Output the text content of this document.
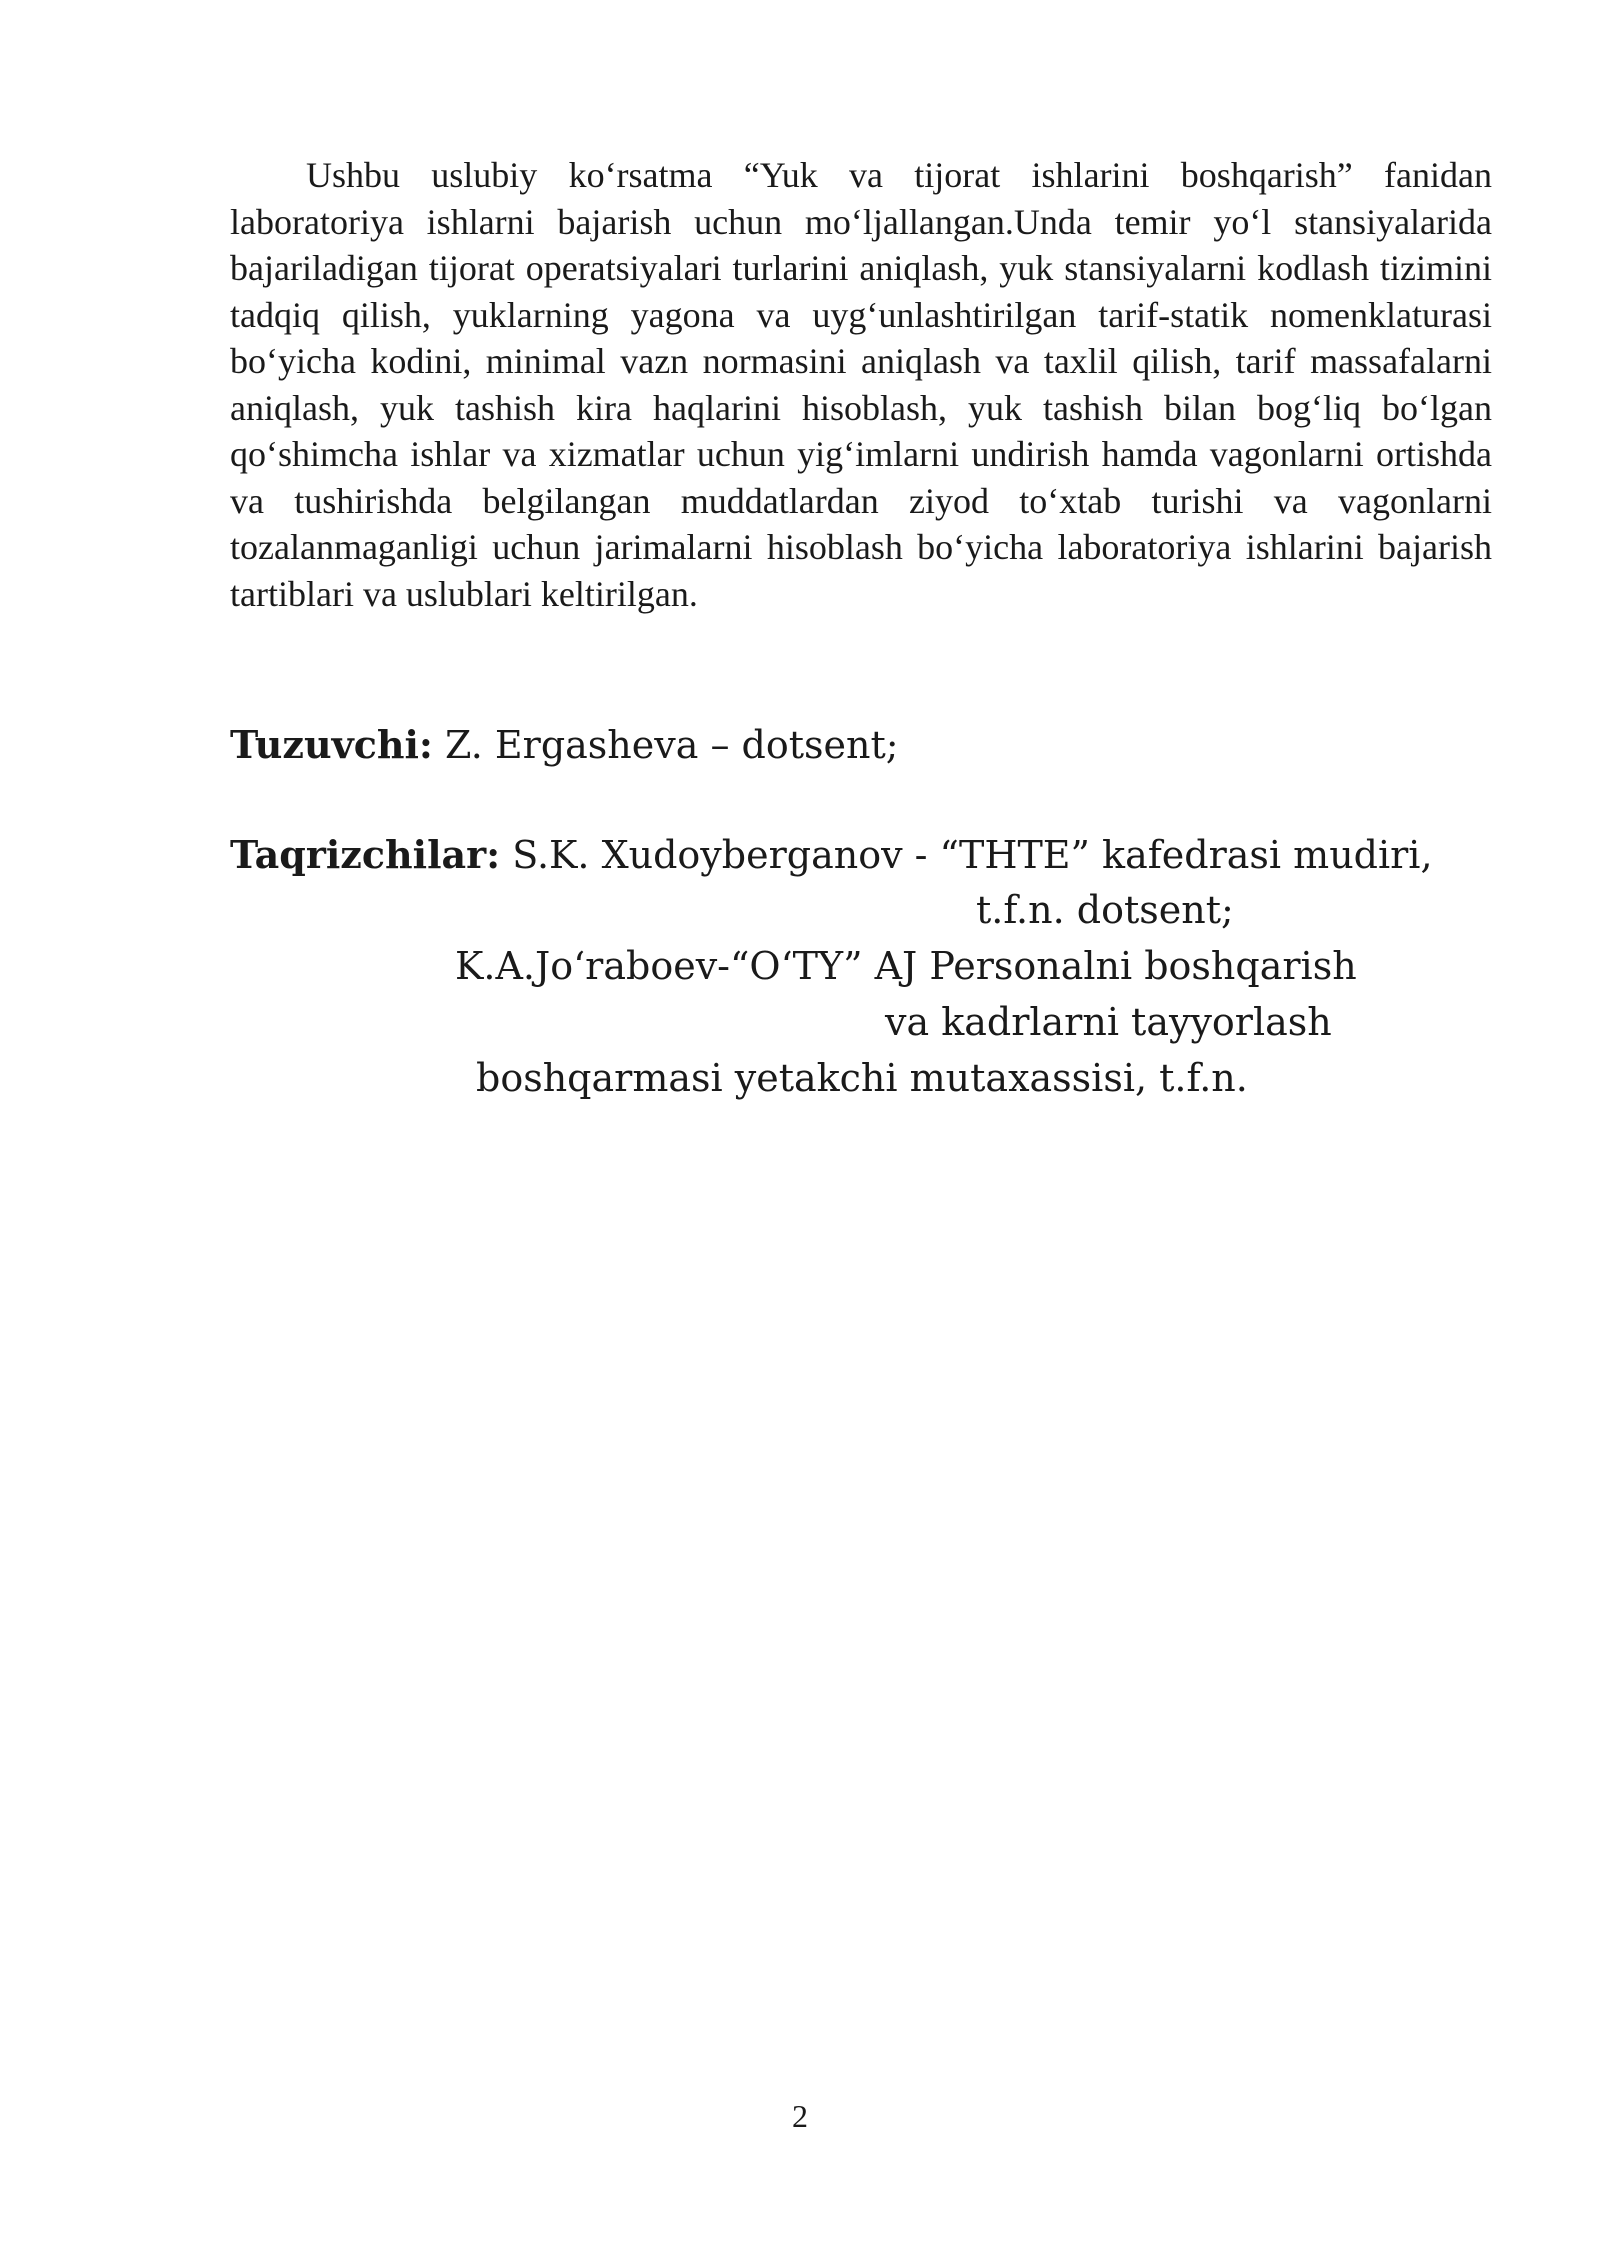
Ushbu uslubiy ko‘rsatma “Yuk va tijorat ishlarini boshqarish” fanidan laboratoriya ishlarni bajarish uchun mo‘ljallangan.Unda temir yo‘l stansiyalarida bajariladigan tijorat operatsiyalari turlarini aniqlash, yuk stansiyalarni kodlash tizimini tadqiq qilish, yuklarning yagona va uyg‘unlashtirilgan tarif-statik nomenklaturasi bo‘yicha kodini, minimal vazn normasini aniqlash va taxlil qilish, tarif massafalarni aniqlash, yuk tashish kira haqlarini hisoblash, yuk tashish bilan bog‘liq bo‘lgan qo‘shimcha ishlar va xizmatlar uchun yig‘imlarni undirish hamda vagonlarni ortishda va tushirishda belgilangan muddatlardan ziyod to‘xtab turishi va vagonlarni tozalanmaganligi uchun jarimalarni hisoblash bo‘yicha laboratoriya ishlarini bajarish tartiblari va uslublari keltirilgan.

Tuzuvchi: Z. Ergasheva – dotsent;

Taqrizchilar: S.K. Xudoyberganov - “THTE” kafedrasi mudiri,

t.f.n. dotsent;

K.A.Jo‘raboev-“O‘TY” AJ Personalni boshqarish

va kadrlarni tayyorlash

boshqarmasi yetakchi mutaxassisi, t.f.n.

2
